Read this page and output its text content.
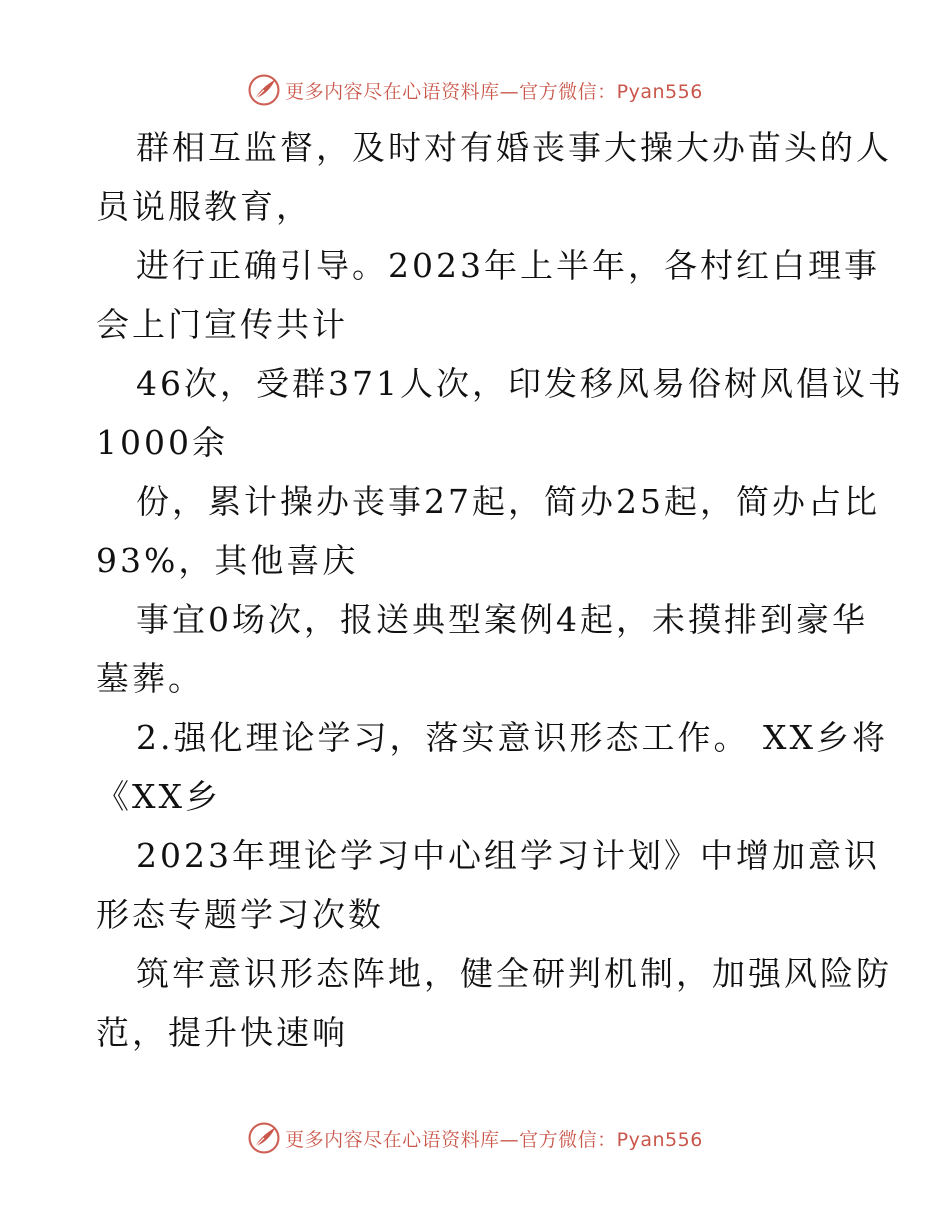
更多内容尽在心语资料库—官方微信：Pyan556
群相互监督，及时对有婚丧事大操大办苗头的人
员说服教育，
进行正确引导。2023年上半年，各村红白理事
会上门宣传共计
46次，受群371人次，印发移风易俗树风倡议书
1000余
份，累计操办丧事27起，简办25起，简办占比
93%，其他喜庆
事宜0场次，报送典型案例4起，未摸排到豪华
墓葬。
2.强化理论学习，落实意识形态工作。 XX乡将
《XX乡
2023年理论学习中心组学习计划》中增加意识
形态专题学习次数
筑牢意识形态阵地，健全研判机制，加强风险防
范，提升快速响
更多内容尽在心语资料库—官方微信：Pyan556
